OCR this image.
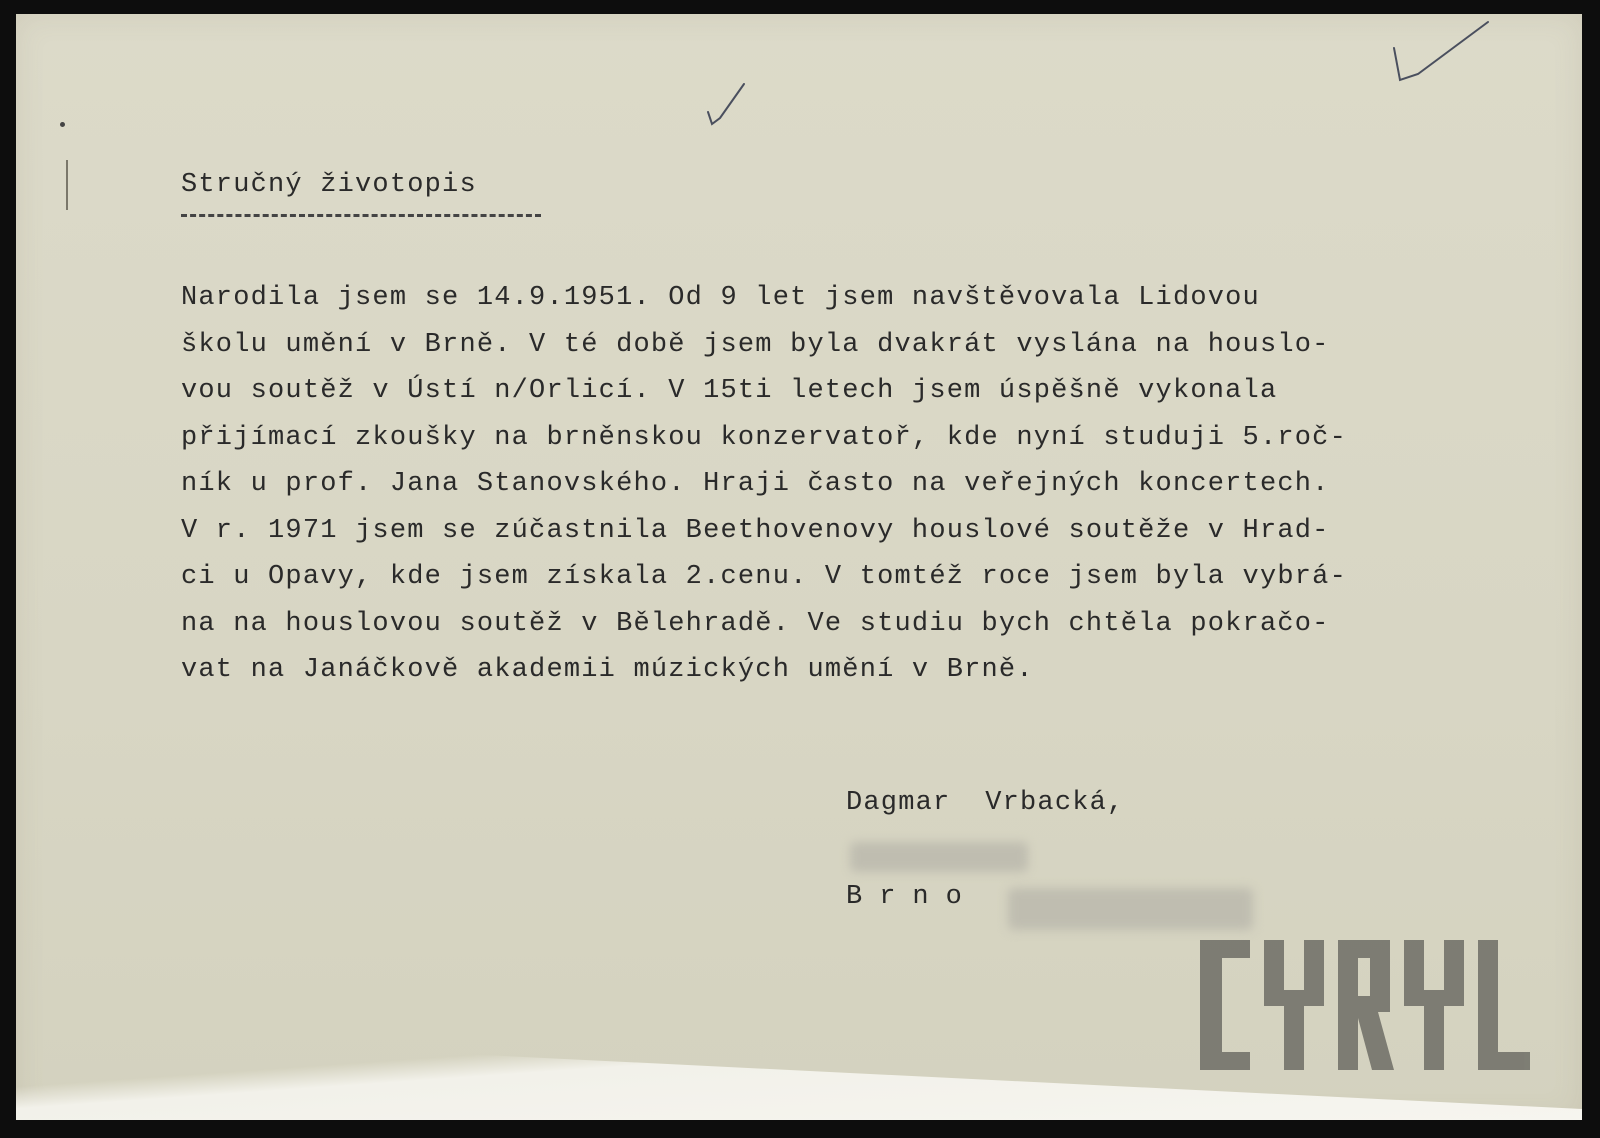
Stručný životopis
Narodila jsem se 14.9.1951. Od 9 let jsem navštěvovala Lidovou
školu umění v Brně. V té době jsem byla dvakrát vyslána na houslo-
vou soutěž v Ústí n/Orlicí. V 15ti letech jsem úspěšně vykonala
přijímací zkoušky na brněnskou konzervatoř, kde nyní studuji 5.roč-
ník u prof. Jana Stanovského. Hraji často na veřejných koncertech.
V r. 1971 jsem se zúčastnila Beethovenovy houslové soutěže v Hrad-
ci u Opavy, kde jsem získala 2.cenu. V tomtéž roce jsem byla vybrá-
na na houslovou soutěž v Bělehradě. Ve studiu bych chtěla pokračo-
vat na Janáčkově akademii múzických umění v Brně.
Dagmar  Vrbacká,
Brno
